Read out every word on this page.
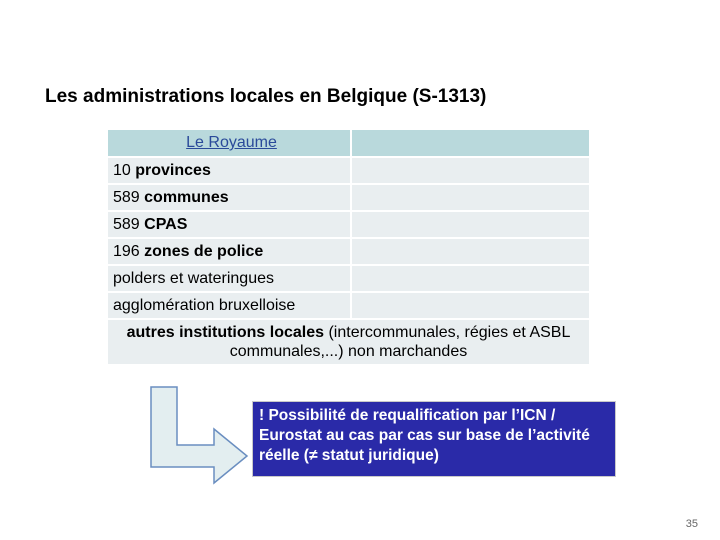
Les administrations locales en Belgique (S-1313)
Le Royaume	
10 provinces	
589 communes	
589 CPAS	
196 zones de police	
polders et wateringues	
agglomération bruxelloise	
autres institutions locales (intercommunales, régies et ASBL communales,...) non marchandes	
! Possibilité de requalification par l’ICN / Eurostat au cas par cas sur base de l’activité réelle (≠ statut juridique)
35
